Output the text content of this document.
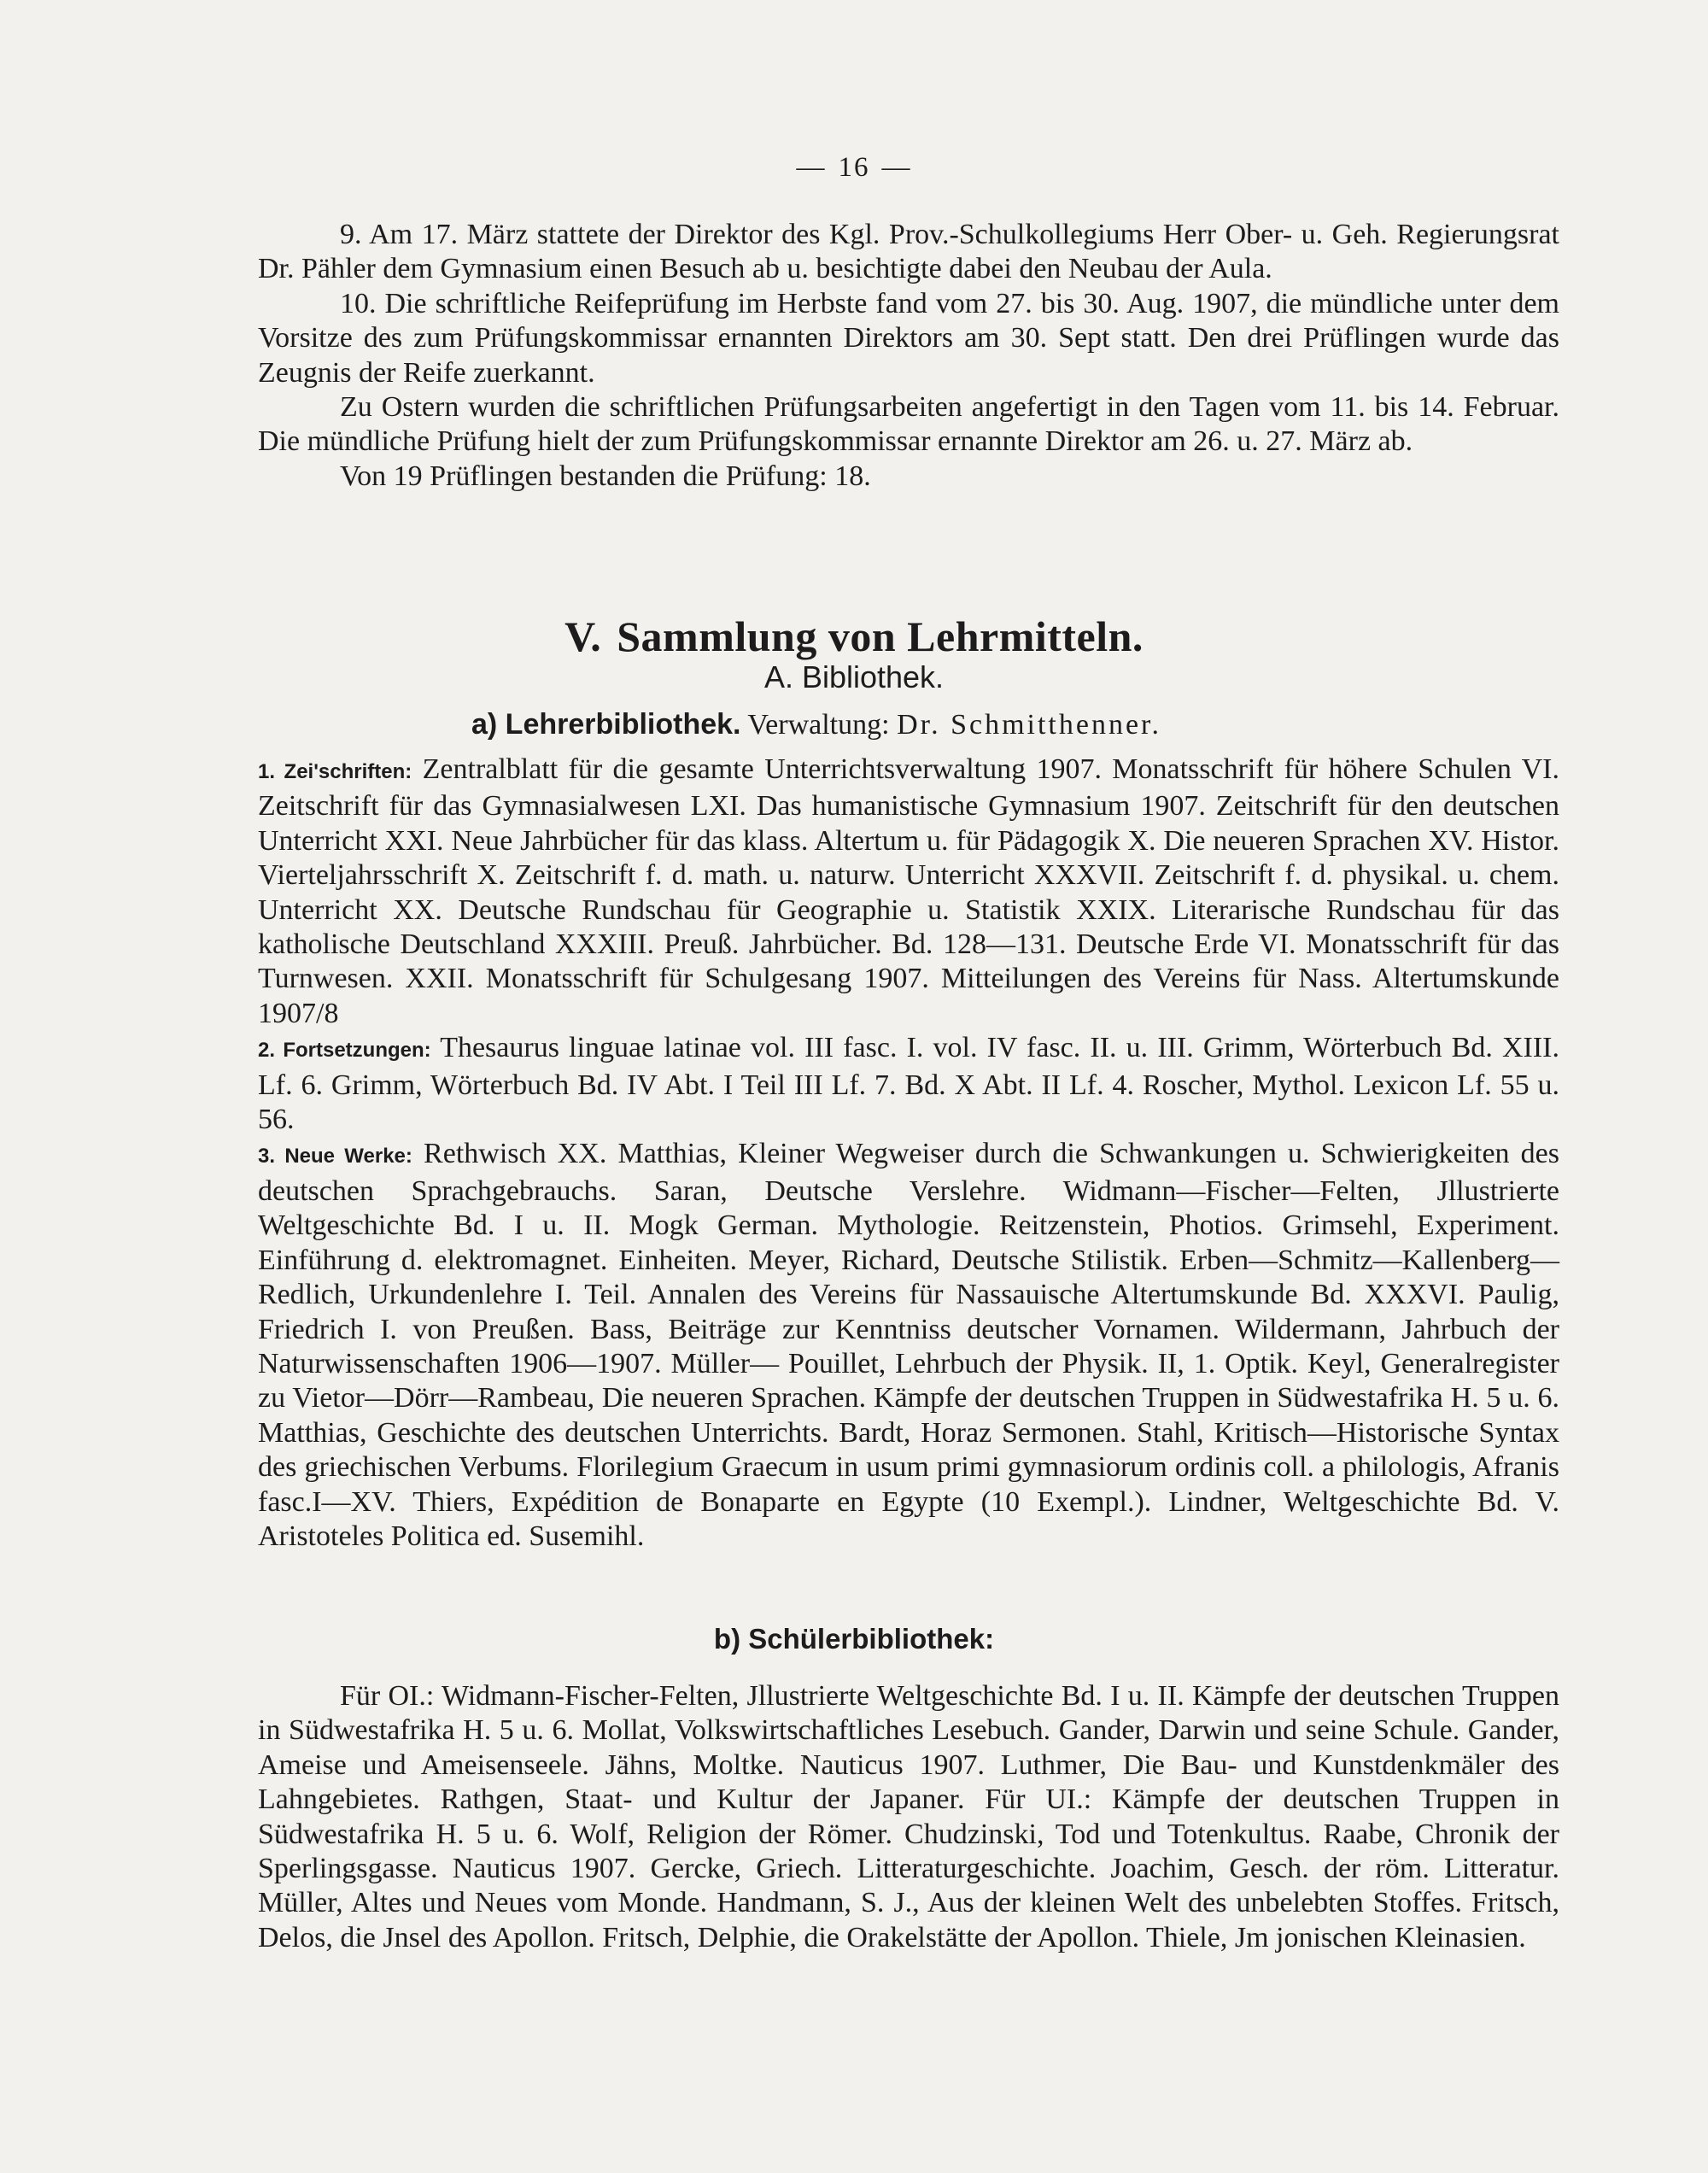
— 16 —

9. Am 17. März stattete der Direktor des Kgl. Prov.-Schulkollegiums Herr Ober- u. Geh. Regierungsrat Dr. Pähler dem Gymnasium einen Besuch ab u. besichtigte dabei den Neubau der Aula.

10. Die schriftliche Reifeprüfung im Herbste fand vom 27. bis 30. Aug. 1907, die mündliche unter dem Vorsitze des zum Prüfungskommissar ernannten Direktors am 30. Sept statt. Den drei Prüflingen wurde das Zeugnis der Reife zuerkannt.

Zu Ostern wurden die schriftlichen Prüfungsarbeiten angefertigt in den Tagen vom 11. bis 14. Februar. Die mündliche Prüfung hielt der zum Prüfungskommissar ernannte Direktor am 26. u. 27. März ab.

Von 19 Prüflingen bestanden die Prüfung: 18.

V. Sammlung von Lehrmitteln.
A. Bibliothek.
a) Lehrerbibliothek. Verwaltung: Dr. Schmitthenner.

1. Zei'schriften: Zentralblatt für die gesamte Unterrichtsverwaltung 1907. Monatsschrift für höhere Schulen VI. Zeitschrift für das Gymnasialwesen LXI. Das humanistische Gymnasium 1907. Zeitschrift für den deutschen Unterricht XXI. Neue Jahrbücher für das klass. Altertum u. für Pädagogik X. Die neueren Sprachen XV. Histor. Vierteljahrsschrift X. Zeitschrift f. d. math. u. naturw. Unterricht XXXVII. Zeitschrift f. d. physikal. u. chem. Unterricht XX. Deutsche Rundschau für Geographie u. Statistik XXIX. Literarische Rundschau für das katholische Deutschland XXXIII. Preuß. Jahrbücher. Bd. 128—131. Deutsche Erde VI. Monatsschrift für das Turnwesen. XXII. Monatsschrift für Schulgesang 1907. Mitteilungen des Vereins für Nass. Altertumskunde 1907/8

2. Fortsetzungen: Thesaurus linguae latinae vol. III fasc. I. vol. IV fasc. II. u. III. Grimm, Wörterbuch Bd. XIII. Lf. 6. Grimm, Wörterbuch Bd. IV Abt. I Teil III Lf. 7. Bd. X Abt. II Lf. 4. Roscher, Mythol. Lexicon Lf. 55 u. 56.

3. Neue Werke: Rethwisch XX. Matthias, Kleiner Wegweiser durch die Schwankungen u. Schwierigkeiten des deutschen Sprachgebrauchs. Saran, Deutsche Verslehre. Widmann—Fischer—Felten, Jllustrierte Weltgeschichte Bd. I u. II. Mogk German. Mythologie. Reitzenstein, Photios. Grimsehl, Experiment. Einführung d. elektromagnet. Einheiten. Meyer, Richard, Deutsche Stilistik. Erben—Schmitz—Kallenberg—Redlich, Urkundenlehre I. Teil. Annalen des Vereins für Nassauische Altertumskunde Bd. XXXVI. Paulig, Friedrich I. von Preußen. Bass, Beiträge zur Kenntniss deutscher Vornamen. Wildermann, Jahrbuch der Naturwissenschaften 1906—1907. Müller— Pouillet, Lehrbuch der Physik. II, 1. Optik. Keyl, Generalregister zu Vietor—Dörr—Rambeau, Die neueren Sprachen. Kämpfe der deutschen Truppen in Südwestafrika H. 5 u. 6. Matthias, Geschichte des deutschen Unterrichts. Bardt, Horaz Sermonen. Stahl, Kritisch—Historische Syntax des griechischen Verbums. Florilegium Graecum in usum primi gymnasiorum ordinis coll. a philologis, Afranis fasc.I—XV. Thiers, Expédition de Bonaparte en Egypte (10 Exempl.). Lindner, Weltgeschichte Bd. V. Aristoteles Politica ed. Susemihl.

b) Schülerbibliothek:

Für OI.: Widmann-Fischer-Felten, Jllustrierte Weltgeschichte Bd. I u. II. Kämpfe der deutschen Truppen in Südwestafrika H. 5 u. 6. Mollat, Volkswirtschaftliches Lesebuch. Gander, Darwin und seine Schule. Gander, Ameise und Ameisenseele. Jähns, Moltke. Nauticus 1907. Luthmer, Die Bau- und Kunstdenkmäler des Lahngebietes. Rathgen, Staat- und Kultur der Japaner. Für UI.: Kämpfe der deutschen Truppen in Südwestafrika H. 5 u. 6. Wolf, Religion der Römer. Chudzinski, Tod und Totenkultus. Raabe, Chronik der Sperlingsgasse. Nauticus 1907. Gercke, Griech. Litteraturgeschichte. Joachim, Gesch. der röm. Litteratur. Müller, Altes und Neues vom Monde. Handmann, S. J., Aus der kleinen Welt des unbelebten Stoffes. Fritsch, Delos, die Jnsel des Apollon. Fritsch, Delphie, die Orakelstätte der Apollon. Thiele, Jm jonischen Kleinasien.
